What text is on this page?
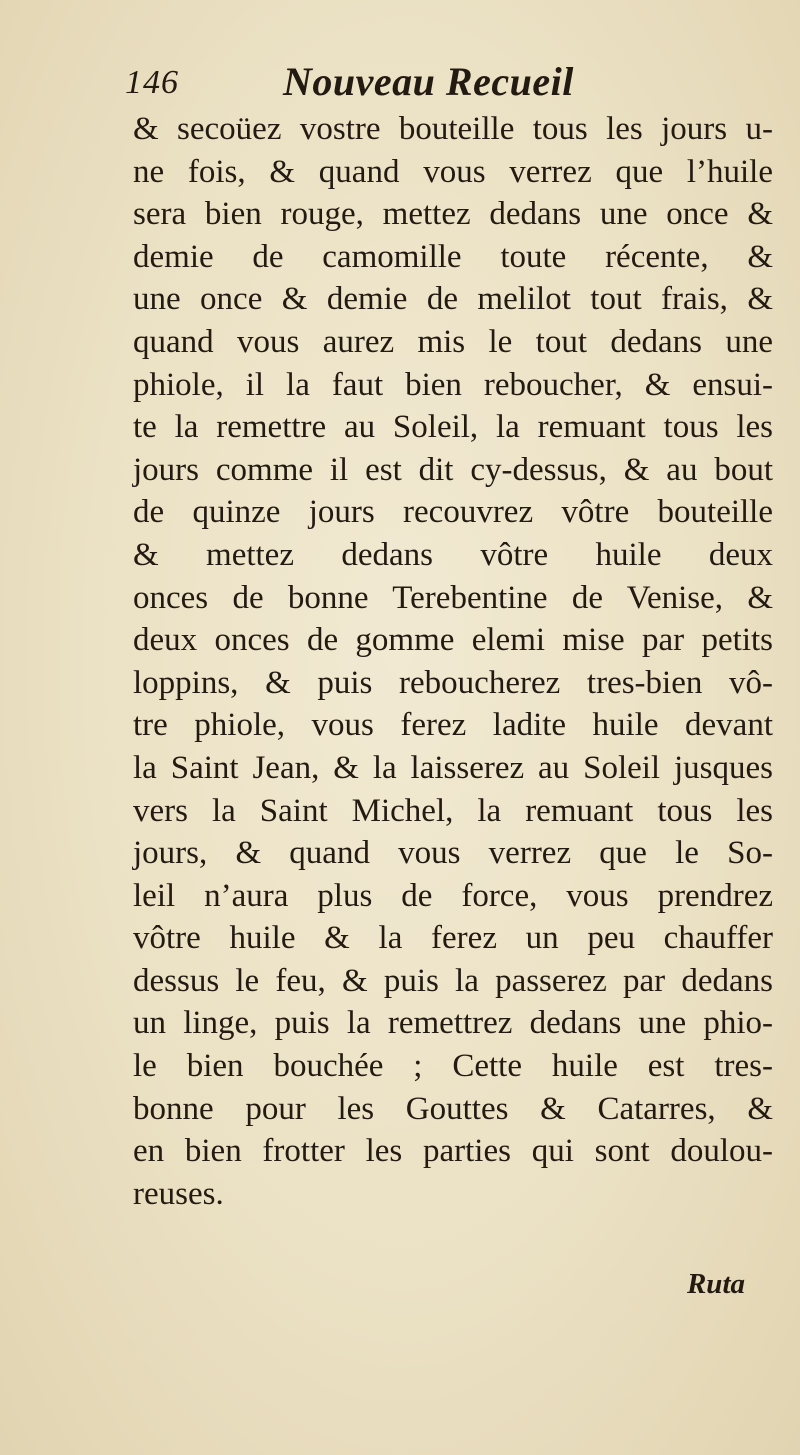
146	Nouveau Recueil
& secoüez vostre bouteille tous les jours u-
ne fois, & quand vous verrez que l’huile
sera bien rouge, mettez dedans une once &
demie de camomille toute récente, &
une once & demie de melilot tout frais, &
quand vous aurez mis le tout dedans une
phiole, il la faut bien reboucher, & ensui-
te la remettre au Soleil, la remuant tous les
jours comme il est dit cy-dessus, & au bout
de quinze jours recouvrez vôtre bouteille
& mettez dedans vôtre huile deux
onces de bonne Terebentine de Venise, &
deux onces de gomme elemi mise par petits
loppins, & puis reboucherez tres-bien vô-
tre phiole, vous ferez ladite huile devant
la Saint Jean, & la laisserez au Soleil jusques
vers la Saint Michel, la remuant tous les
jours, & quand vous verrez que le So-
leil n’aura plus de force, vous prendrez
vôtre huile & la ferez un peu chauffer
dessus le feu, & puis la passerez par dedans
un linge, puis la remettrez dedans une phio-
le bien bouchée ; Cette huile est tres-
bonne pour les Gouttes & Catarres, &
en bien frotter les parties qui sont doulou-
reuses.
Ruta
